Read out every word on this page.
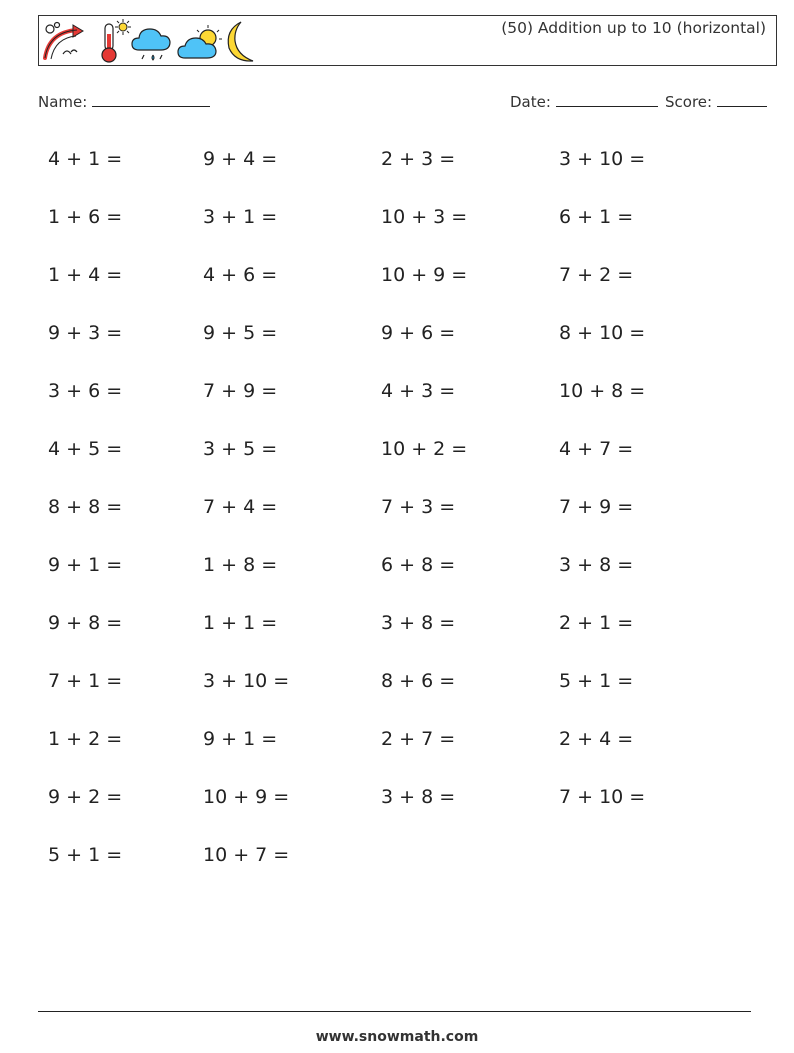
(50) Addition up to 10 (horizontal)
Name:	Date:	Score:
4 + 1 =	9 + 4 =	2 + 3 =	3 + 10 =
1 + 6 =	3 + 1 =	10 + 3 =	6 + 1 =
1 + 4 =	4 + 6 =	10 + 9 =	7 + 2 =
9 + 3 =	9 + 5 =	9 + 6 =	8 + 10 =
3 + 6 =	7 + 9 =	4 + 3 =	10 + 8 =
4 + 5 =	3 + 5 =	10 + 2 =	4 + 7 =
8 + 8 =	7 + 4 =	7 + 3 =	7 + 9 =
9 + 1 =	1 + 8 =	6 + 8 =	3 + 8 =
9 + 8 =	1 + 1 =	3 + 8 =	2 + 1 =
7 + 1 =	3 + 10 =	8 + 6 =	5 + 1 =
1 + 2 =	9 + 1 =	2 + 7 =	2 + 4 =
9 + 2 =	10 + 9 =	3 + 8 =	7 + 10 =
5 + 1 =	10 + 7 =
www.snowmath.com
